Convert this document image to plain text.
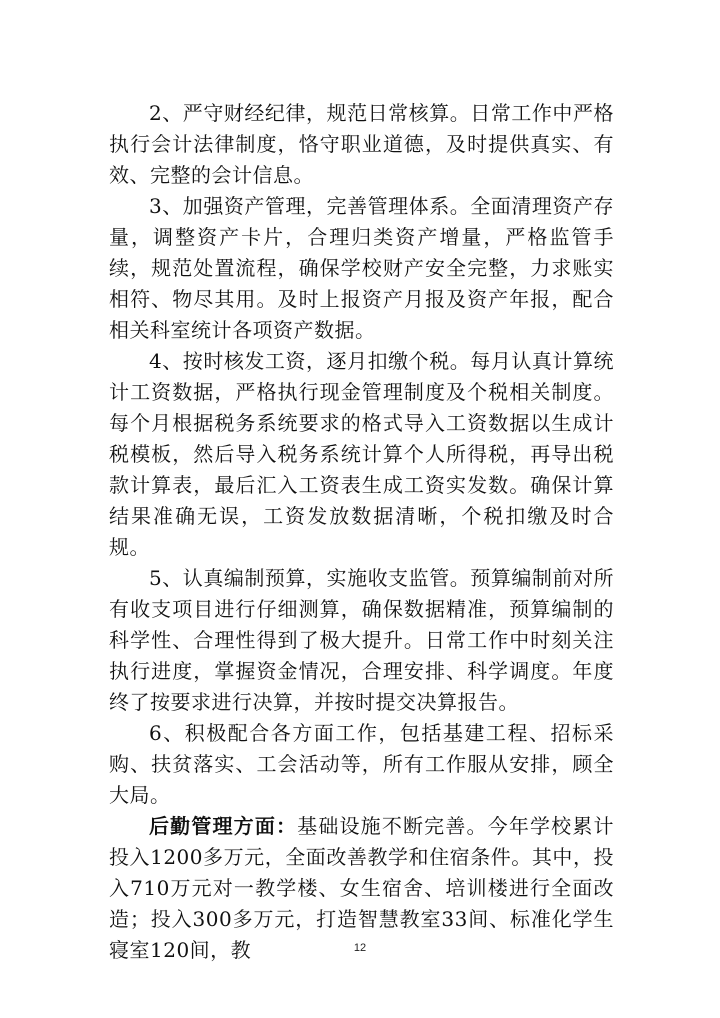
2、严守财经纪律，规范日常核算。日常工作中严格执行会计法律制度，恪守职业道德，及时提供真实、有效、完整的会计信息。

3、加强资产管理，完善管理体系。全面清理资产存量，调整资产卡片，合理归类资产增量，严格监管手续，规范处置流程，确保学校财产安全完整，力求账实相符、物尽其用。及时上报资产月报及资产年报，配合相关科室统计各项资产数据。

4、按时核发工资，逐月扣缴个税。每月认真计算统计工资数据，严格执行现金管理制度及个税相关制度。每个月根据税务系统要求的格式导入工资数据以生成计税模板，然后导入税务系统计算个人所得税，再导出税款计算表，最后汇入工资表生成工资实发数。确保计算结果准确无误，工资发放数据清晰，个税扣缴及时合规。

5、认真编制预算，实施收支监管。预算编制前对所有收支项目进行仔细测算，确保数据精准，预算编制的科学性、合理性得到了极大提升。日常工作中时刻关注执行进度，掌握资金情况，合理安排、科学调度。年度终了按要求进行决算，并按时提交决算报告。

6、积极配合各方面工作，包括基建工程、招标采购、扶贫落实、工会活动等，所有工作服从安排，顾全大局。

后勤管理方面：基础设施不断完善。今年学校累计投入1200多万元，全面改善教学和住宿条件。其中，投入710万元对一教学楼、女生宿舍、培训楼进行全面改造；投入300多万元，打造智慧教室33间、标准化学生寝室120间，教	12
